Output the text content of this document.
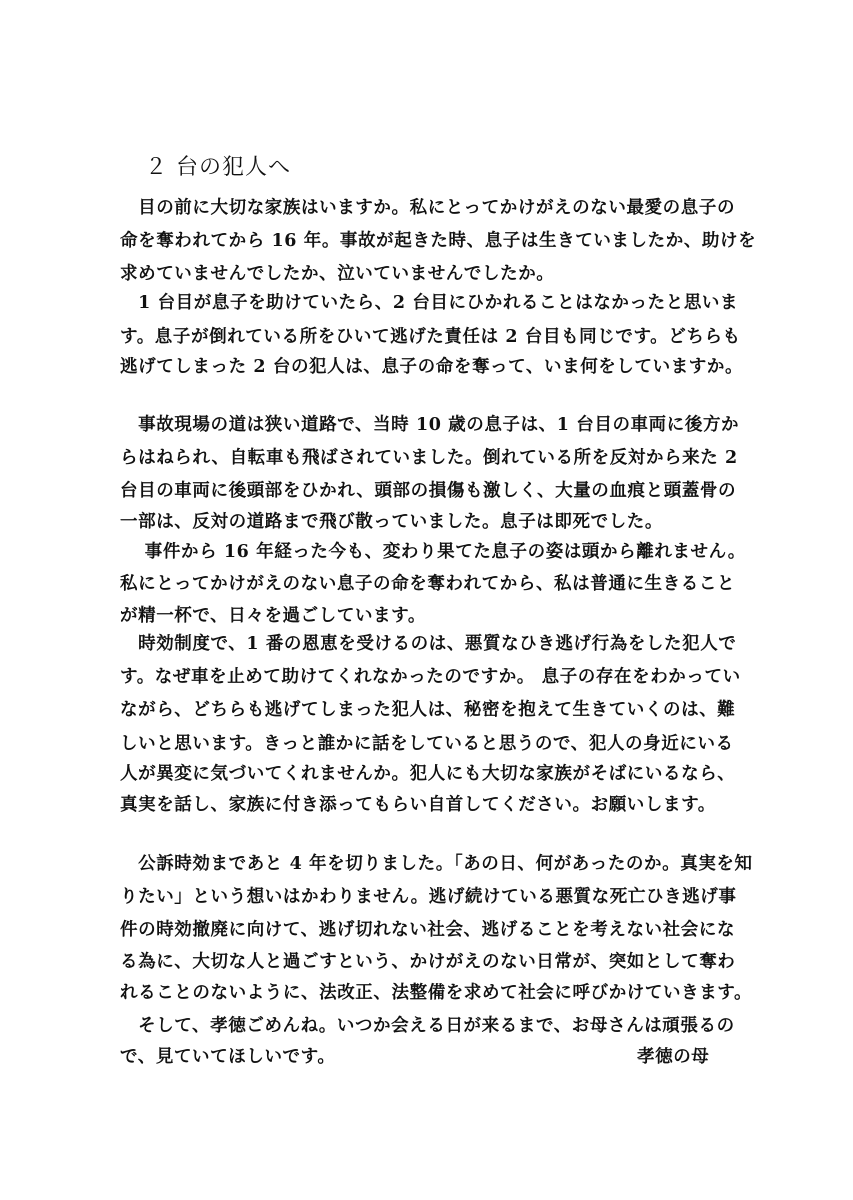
２ 台の犯人へ
　目の前に大切な家族はいますか。私にとってかけがえのない最愛の息子の
命を奪われてから 16 年。事故が起きた時、息子は生きていましたか、助けを
求めていませんでしたか、泣いていませんでしたか。
　1 台目が息子を助けていたら、2 台目にひかれることはなかったと思いま
す。息子が倒れている所をひいて逃げた責任は 2 台目も同じです。どちらも
逃げてしまった 2 台の犯人は、息子の命を奪って、いま何をしていますか。
　事故現場の道は狭い道路で、当時 10 歳の息子は、1 台目の車両に後方か
らはねられ、自転車も飛ばされていました。倒れている所を反対から来た 2
台目の車両に後頭部をひかれ、頭部の損傷も激しく、大量の血痕と頭蓋骨の
一部は、反対の道路まで飛び散っていました。息子は即死でした。
　 事件から 16 年経った今も、変わり果てた息子の姿は頭から離れません。
私にとってかけがえのない息子の命を奪われてから、私は普通に生きること
が精一杯で、日々を過ごしています。
　時効制度で、1 番の恩恵を受けるのは、悪質なひき逃げ行為をした犯人で
す。なぜ車を止めて助けてくれなかったのですか。 息子の存在をわかってい
ながら、どちらも逃げてしまった犯人は、秘密を抱えて生きていくのは、難
しいと思います。きっと誰かに話をしていると思うので、犯人の身近にいる
人が異変に気づいてくれませんか。犯人にも大切な家族がそばにいるなら、
真実を話し、家族に付き添ってもらい自首してください。お願いします。
　公訴時効まであと 4 年を切りました。「あの日、何があったのか。真実を知
りたい」という想いはかわりません。逃げ続けている悪質な死亡ひき逃げ事
件の時効撤廃に向けて、逃げ切れない社会、逃げることを考えない社会にな
る為に、大切な人と過ごすという、かけがえのない日常が、突如として奪わ
れることのないように、法改正、法整備を求めて社会に呼びかけていきます。
　そして、孝徳ごめんね。いつか会える日が来るまで、お母さんは頑張るの
で、見ていてほしいです。	孝徳の母
